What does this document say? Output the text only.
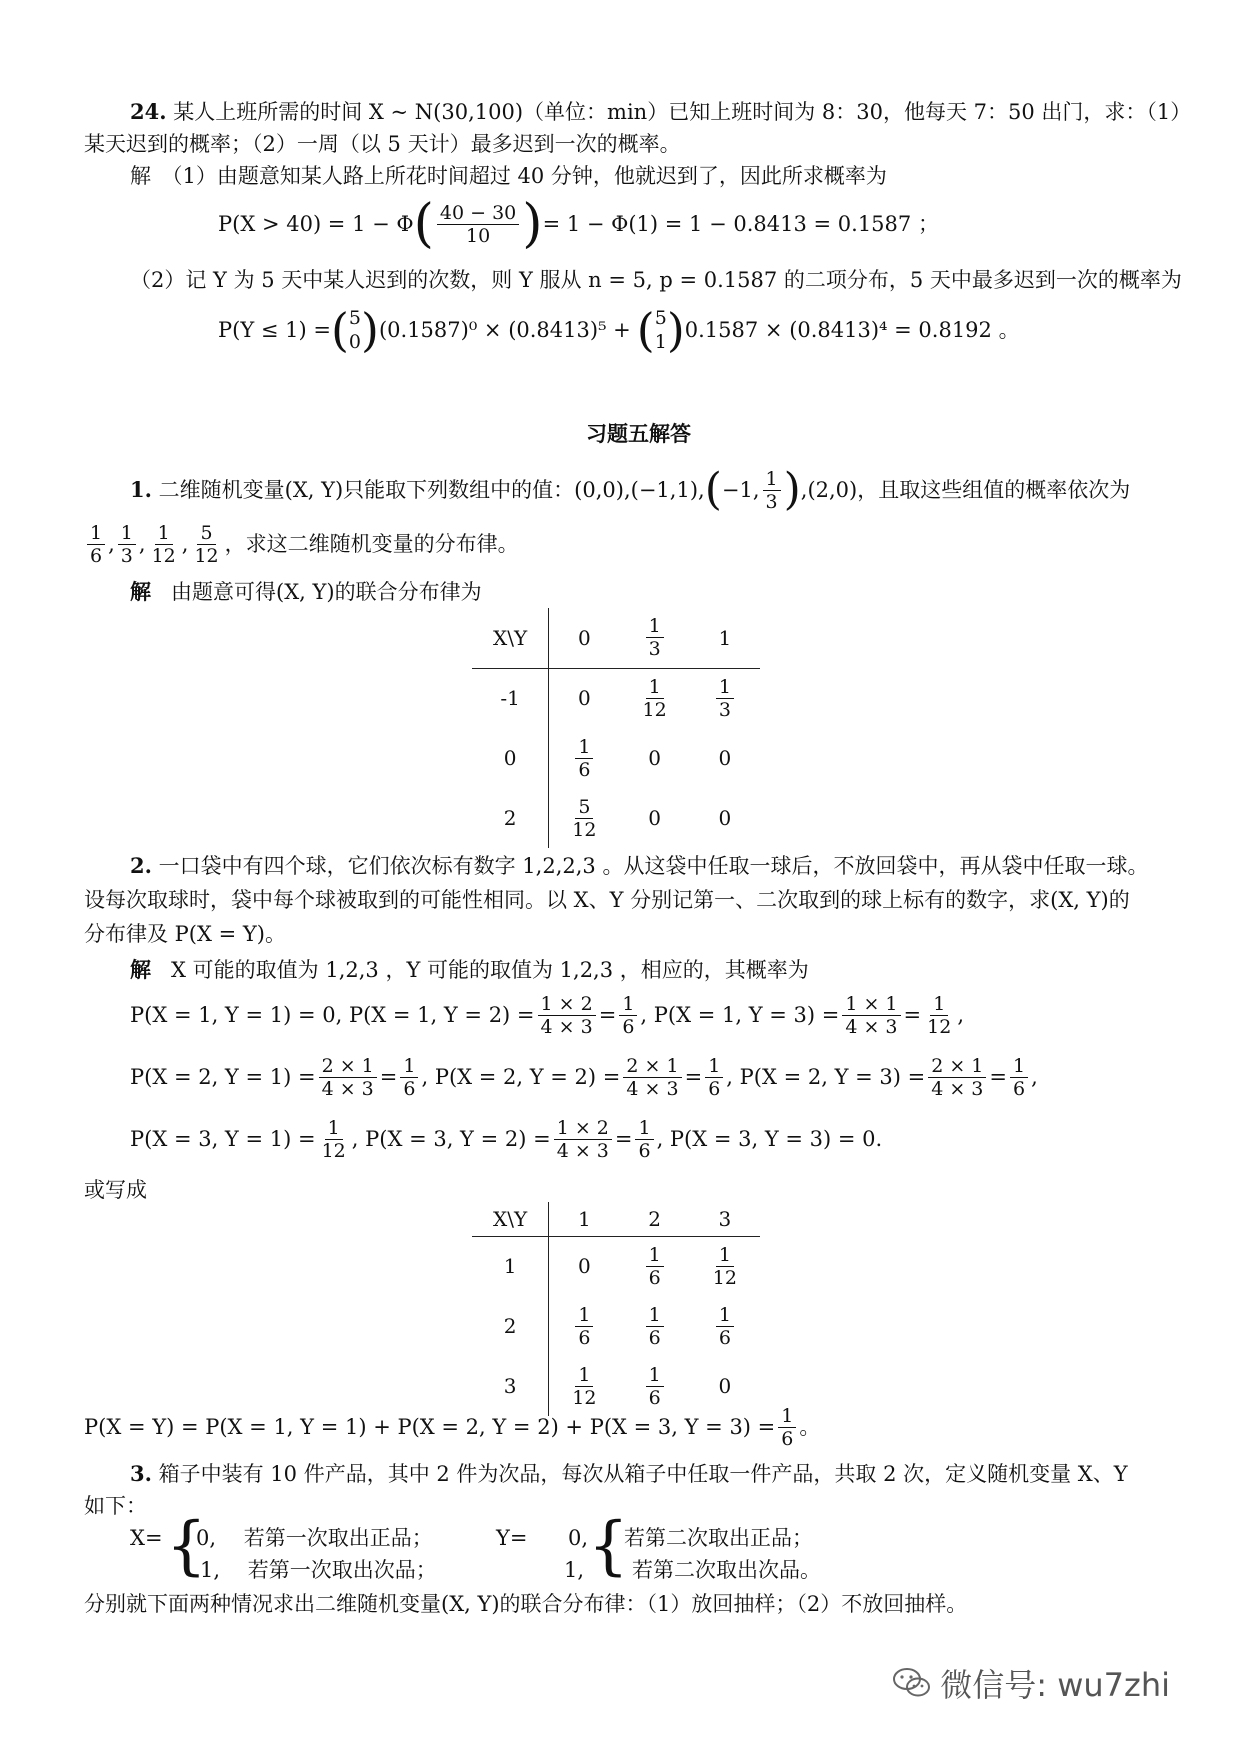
24. 某人上班所需的时间 X ~ N(30,100)（单位：min）已知上班时间为 8：30，他每天 7：50 出门，求：（1）
某天迟到的概率；（2）一周（以 5 天计）最多迟到一次的概率。
解　（1）由题意知某人路上所花时间超过 40 分钟，他就迟到了，因此所求概率为
P(X > 40) = 1 − Φ ( $\frac{40 - 30}{10}$ ) = 1 − Φ(1) = 1 − 0.8413 = 0.1587 ；
（2）记 Y 为 5 天中某人迟到的次数，则 Y 服从 n = 5, p = 0.1587 的二项分布，5 天中最多迟到一次的概率为
P(Y ≤ 1) = ( 5
0 ) (0.1587)⁰ × (0.8413)⁵ + ( 5
1 ) 0.1587 × (0.8413)⁴ = 0.8192 。
习题五解答
1.
二维随机变量(X, Y)只能取下列数组中的值：(0,0),(−1,1), ( −1, $\frac{1}{3}$ ) ,(2,0)，且取这些组值的概率依次为
$\frac{1}{6}$ , $\frac{1}{3}$ , $\frac{1}{12}$ , $\frac{5}{12}$ ，求这二维随机变量的分布律。
解 由题意可得(X, Y)的联合分布律为
X\Y	0	$\frac{1}{3}$	1
-1	0	$\frac{1}{12}$	$\frac{1}{3}$

0	$\frac{1}{6}$	0	0
2	$\frac{5}{12}$	0	0
2. 一口袋中有四个球，它们依次标有数字 1,2,2,3 。从这袋中任取一球后，不放回袋中，再从袋中任取一球。
设每次取球时，袋中每个球被取到的可能性相同。以 X、Y 分别记第一、二次取到的球上标有的数字，求(X, Y)的
分布律及 P(X = Y)。
解 X 可能的取值为 1,2,3 ，Y 可能的取值为 1,2,3 ，相应的，其概率为
P(X = 1, Y = 1) = 0, P(X = 1, $Y = 2) = \frac{1 \times 2}{4 \times 3} = \frac{1}{6}$ , P(X = 1, $Y = 3) = \frac{1 \times 1}{4 \times 3} = \frac{1}{12}$ ,
P(X = 2, $Y = 1) = \frac{2 \times 1}{4 \times 3} = \frac{1}{6}$ , P(X = 2, $Y = 2) = \frac{2 \times 1}{4 \times 3} = \frac{1}{6}$ , P(X = 2, $Y = 3) = \frac{2 \times 1}{4 \times 3} = \frac{1}{6}$ ,
P(X = 3, $Y = 1) = \frac{1}{12}$ , P(X = 3, $Y = 2) = \frac{1 \times 2}{4 \times 3} = \frac{1}{6}$ , P(X = 3, Y = 3) = 0.
或写成
X\Y	1	2	3
1	0	$\frac{1}{6}$	$\frac{1}{12}$

2	$\frac{1}{6}$	$\frac{1}{6}$	$\frac{1}{6}$

3	$\frac{1}{12}$	$\frac{1}{6}$	0
P(X = Y) = P(X = 1, Y = 1) + P(X = 2, Y = 2) + P(X = 3, $Y = 3) = \frac{1}{6}$ 。
3. 箱子中装有 10 件产品，其中 2 件为次品，每次从箱子中任取一件产品，共取 2 次，定义随机变量 X、Y
如下：
X= {
0,　 若第一次取出正品；
1,　 若第一次取出次品；
Y= 0,
1, {
若第二次取出正品；
若第二次取出次品。
分别就下面两种情况求出二维随机变量(X, Y)的联合分布律：（1）放回抽样；（2）不放回抽样。
微信号: wu7zhi
